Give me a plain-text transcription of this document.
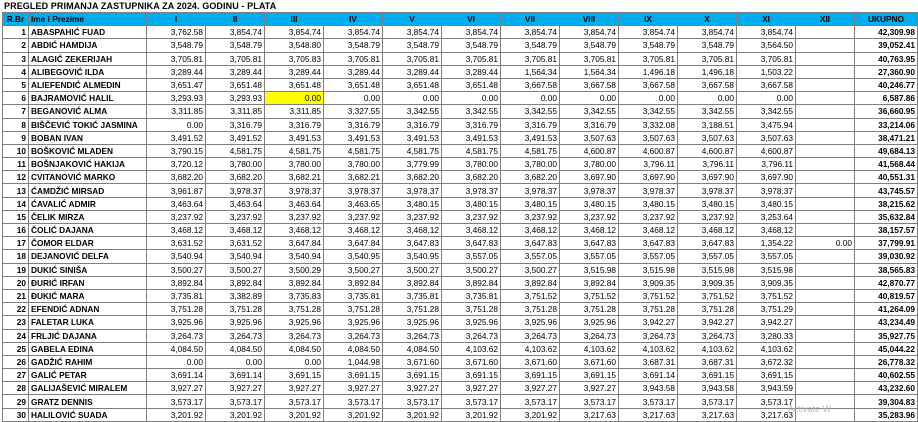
PREGLED PRIMANJA ZASTUPNIKA ZA 2024. GODINU - PLATA
R.Br	Ime i Prezime	I	II	III	IV	V	VI	VII	VIII	IX	X	XI	XII	UKUPNO
1	ABASPAHIĆ FUAD	3,762.58	3,854.74	3,854.74	3,854.74	3,854.74	3,854.74	3,854.74	3,854.74	3,854.74	3,854.74	3,854.74		42,309.98
2	ABDIĆ HAMDIJA	3,548.79	3,548.79	3,548.80	3,548.79	3,548.79	3,548.79	3,548.79	3,548.79	3,548.79	3,548.79	3,564.50		39,052.41
3	ALAGIĆ ZEKERIJAH	3,705.81	3,705.81	3,705.83	3,705.81	3,705.81	3,705.81	3,705.81	3,705.81	3,705.81	3,705.81	3,705.81		40,763.95
4	ALIBEGOVIĆ ILDA	3,289.44	3,289.44	3,289.44	3,289.44	3,289.44	3,289.44	1,564.34	1,564.34	1,496.18	1,496.18	1,503.22		27,360.90
5	ALIEFENDIĆ ALMEDIN	3,651.47	3,651.48	3,651.48	3,651.48	3,651.48	3,651.48	3,667.58	3,667.58	3,667.58	3,667.58	3,667.58		40,246.77
6	BAJRAMOVIĆ HALIL	3,293.93	3,293.93	0.00	0.00	0.00	0.00	0.00	0.00	0.00	0.00	0.00		6,587.86
7	BEGANOVIĆ ALMA	3,311.85	3,311.85	3,311.85	3,327.55	3,342.55	3,342.55	3,342.55	3,342.55	3,342.55	3,342.55	3,342.55		36,660.95
8	BIŠČEVIĆ TOKIĆ JASMINA	0.00	3,316.79	3,316.79	3,316.79	3,316.79	3,316.79	3,316.79	3,316.79	3,332.08	3,188.51	3,475.94		33,214.06
9	BOBAN IVAN	3,491.52	3,491.52	3,491.53	3,491.53	3,491.53	3,491.53	3,491.53	3,507.63	3,507.63	3,507.63	3,507.63		38,471.21
10	BOŠKOVIĆ MLADEN	3,790.15	4,581.75	4,581.75	4,581.75	4,581.75	4,581.75	4,581.75	4,600.87	4,600.87	4,600.87	4,600.87		49,684.13
11	BOŠNJAKOVIĆ HAKIJA	3,720.12	3,780.00	3,780.00	3,780.00	3,779.99	3,780.00	3,780.00	3,780.00	3,796.11	3,796.11	3,796.11		41,568.44
12	CVITANOVIĆ MARKO	3,682.20	3,682.20	3,682.21	3,682.21	3,682.20	3,682.20	3,682.20	3,697.90	3,697.90	3,697.90	3,697.90		40,551.31
13	ĆAMDŽIĆ MIRSAD	3,961.87	3,978.37	3,978.37	3,978.37	3,978.37	3,978.37	3,978.37	3,978.37	3,978.37	3,978.37	3,978.37		43,745.57
14	ĆAVALIĆ ADMIR	3,463.64	3,463.64	3,463.64	3,463.65	3,480.15	3,480.15	3,480.15	3,480.15	3,480.15	3,480.15	3,480.15		38,215.62
15	ČELIK MIRZA	3,237.92	3,237.92	3,237.92	3,237.92	3,237.92	3,237.92	3,237.92	3,237.92	3,237.92	3,237.92	3,253.64		35,632.84
16	ČOLIĆ DAJANA	3,468.12	3,468.12	3,468.12	3,468.12	3,468.12	3,468.12	3,468.12	3,468.12	3,468.12	3,468.12	3,468.12		38,157.57
17	ČOMOR ELDAR	3,631.52	3,631.52	3,647.84	3,647.84	3,647.83	3,647.83	3,647.83	3,647.83	3,647.83	3,647.83	1,354.22	0.00	37,799.91
18	DEJANOVIĆ DELFA	3,540.94	3,540.94	3,540.94	3,540.95	3,540.95	3,557.05	3,557.05	3,557.05	3,557.05	3,557.05	3,557.05		39,030.92
19	DUKIĆ SINIŠA	3,500.27	3,500.27	3,500.29	3,500.27	3,500.27	3,500.27	3,500.27	3,515.98	3,515.98	3,515.98	3,515.98		38,565.83
20	ĐURIĆ IRFAN	3,892.84	3,892.84	3,892.84	3,892.84	3,892.84	3,892.84	3,892.84	3,892.84	3,909.35	3,909.35	3,909.35		42,870.77
21	ĐUKIĆ MARA	3,735.81	3,382.89	3,735.83	3,735.81	3,735.81	3,735.81	3,751.52	3,751.52	3,751.52	3,751.52	3,751.52		40,819.57
22	EFENDIĆ ADNAN	3,751.28	3,751.28	3,751.28	3,751.28	3,751.28	3,751.28	3,751.28	3,751.28	3,751.28	3,751.28	3,751.29		41,264.09
23	FALETAR LUKA	3,925.96	3,925.96	3,925.96	3,925.96	3,925.96	3,925.96	3,925.96	3,925.96	3,942.27	3,942.27	3,942.27		43,234.49
24	FRLJIĆ DAJANA	3,264.73	3,264.73	3,264.73	3,264.73	3,264.73	3,264.73	3,264.73	3,264.73	3,264.73	3,264.73	3,280.33		35,927.75
25	GABELA EDINA	4,084.50	4,084.50	4,084.50	4,084.50	4,084.50	4,103.62	4,103.62	4,103.62	4,103.62	4,103.62	4,103.62		45,044.22
26	GADŽIĆ RAHIM	0.00	0.00	0.00	1,044.98	3,671.60	3,671.60	3,671.60	3,671.60	3,687.31	3,687.31	3,672.32		26,778.32
27	GALIĆ PETAR	3,691.14	3,691.14	3,691.15	3,691.15	3,691.15	3,691.15	3,691.15	3,691.15	3,691.14	3,691.15	3,691.15		40,602.55
28	GALIJAŠEVIĆ MIRALEM	3,927.27	3,927.27	3,927.27	3,927.27	3,927.27	3,927.27	3,927.27	3,927.27	3,943.58	3,943.58	3,943.59		43,232.60
29	GRATZ DENNIS	3,573.17	3,573.17	3,573.17	3,573.17	3,573.17	3,573.17	3,573.17	3,573.17	3,573.17	3,573.17	3,573.17		39,304.83
30	HALILOVIĆ SUADA	3,201.92	3,201.92	3,201.92	3,201.92	3,201.92	3,201.92	3,201.92	3,217.63	3,217.63	3,217.63	3,217.63		35,283.96
Activate W
